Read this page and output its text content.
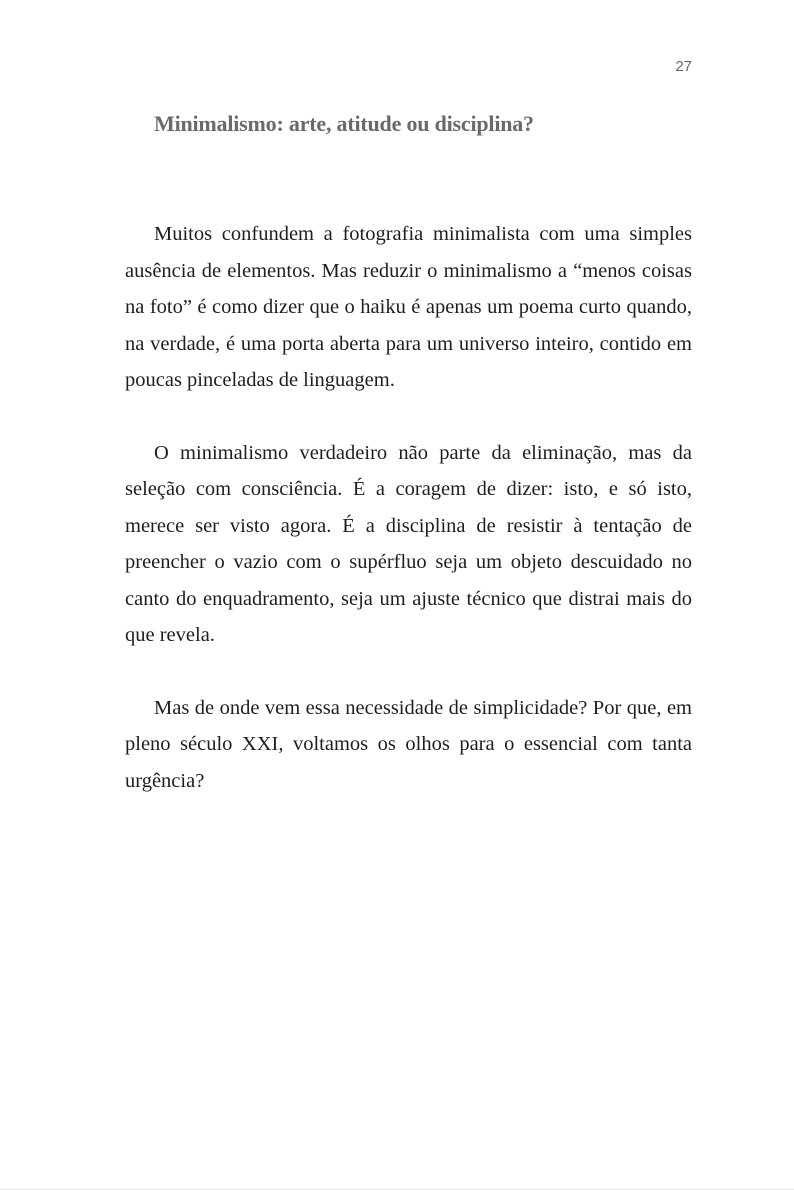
27
Minimalismo: arte, atitude ou disciplina?

Muitos confundem a fotografia minimalista com uma simples ausência de elementos. Mas reduzir o minimalismo a “menos coisas na foto” é como dizer que o haiku é apenas um poema curto quando, na verdade, é uma porta aberta para um universo inteiro, contido em poucas pinceladas de linguagem.

O minimalismo verdadeiro não parte da eliminação, mas da seleção com consciência. É a coragem de dizer: isto, e só isto, merece ser visto agora. É a disciplina de resistir à tentação de preencher o vazio com o supérfluo seja um objeto descuidado no canto do enquadramento, seja um ajuste técnico que distrai mais do que revela.

Mas de onde vem essa necessidade de simplicidade? Por que, em pleno século XXI, voltamos os olhos para o essencial com tanta urgência?
